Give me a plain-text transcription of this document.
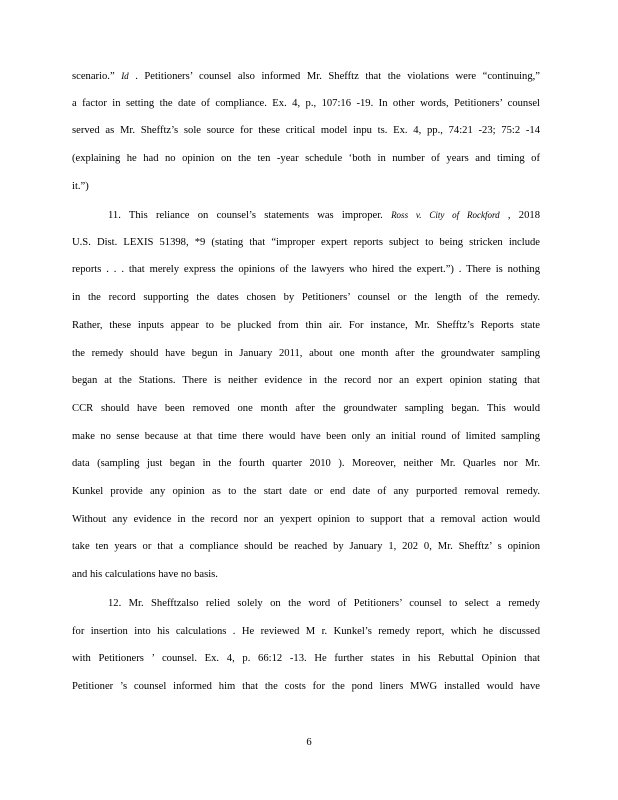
scenario.” Id . Petitioners’ counsel also informed Mr. Shefftz that the violations were “continuing,”
a factor in setting the date of compliance. Ex. 4, p., 107:16 -19. In other words, Petitioners’ counsel
served as Mr. Shefftz’s sole source for these critical model inpu ts. Ex. 4, pp., 74:21 -23; 75:2 -14
(explaining he had no opinion on the ten -year schedule ‘both in number of years and timing of
it.”)
11. This reliance on counsel’s statements was improper. Ross v. City of Rockford , 2018
U.S. Dist. LEXIS 51398, *9 (stating that “improper expert reports subject to being stricken include
reports . . . that merely express the opinions of the lawyers who hired the expert.”) . There is nothing
in the record supporting the dates chosen by Petitioners’ counsel or the length of the remedy.
Rather, these inputs appear to be plucked from thin air. For instance, Mr. Shefftz’s Reports state
the remedy should have begun in January 2011, about one month after the groundwater sampling
began at the Stations. There is neither evidence in the record nor an expert opinion stating that
CCR should have been removed one month after the groundwater sampling began. This would
make no sense because at that time there would have been only an initial round of limited sampling
data (sampling just began in the fourth quarter 2010 ). Moreover, neither Mr. Quarles nor Mr.
Kunkel provide any opinion as to the start date or end date of any purported removal remedy.
Without any evidence in the record nor an yexpert opinion to support that a removal action would
take ten years or that a compliance should be reached by January 1, 202 0, Mr. Shefftz’ s opinion
and his calculations have no basis.
12. Mr. Shefftzalso relied solely on the word of Petitioners’ counsel to select a remedy
for insertion into his calculations . He reviewed M r. Kunkel’s remedy report, which he discussed
with Petitioners ’ counsel. Ex. 4, p. 66:12 -13. He further states in his Rebuttal Opinion that
Petitioner ’s counsel informed him that the costs for the pond liners MWG installed would have
6
